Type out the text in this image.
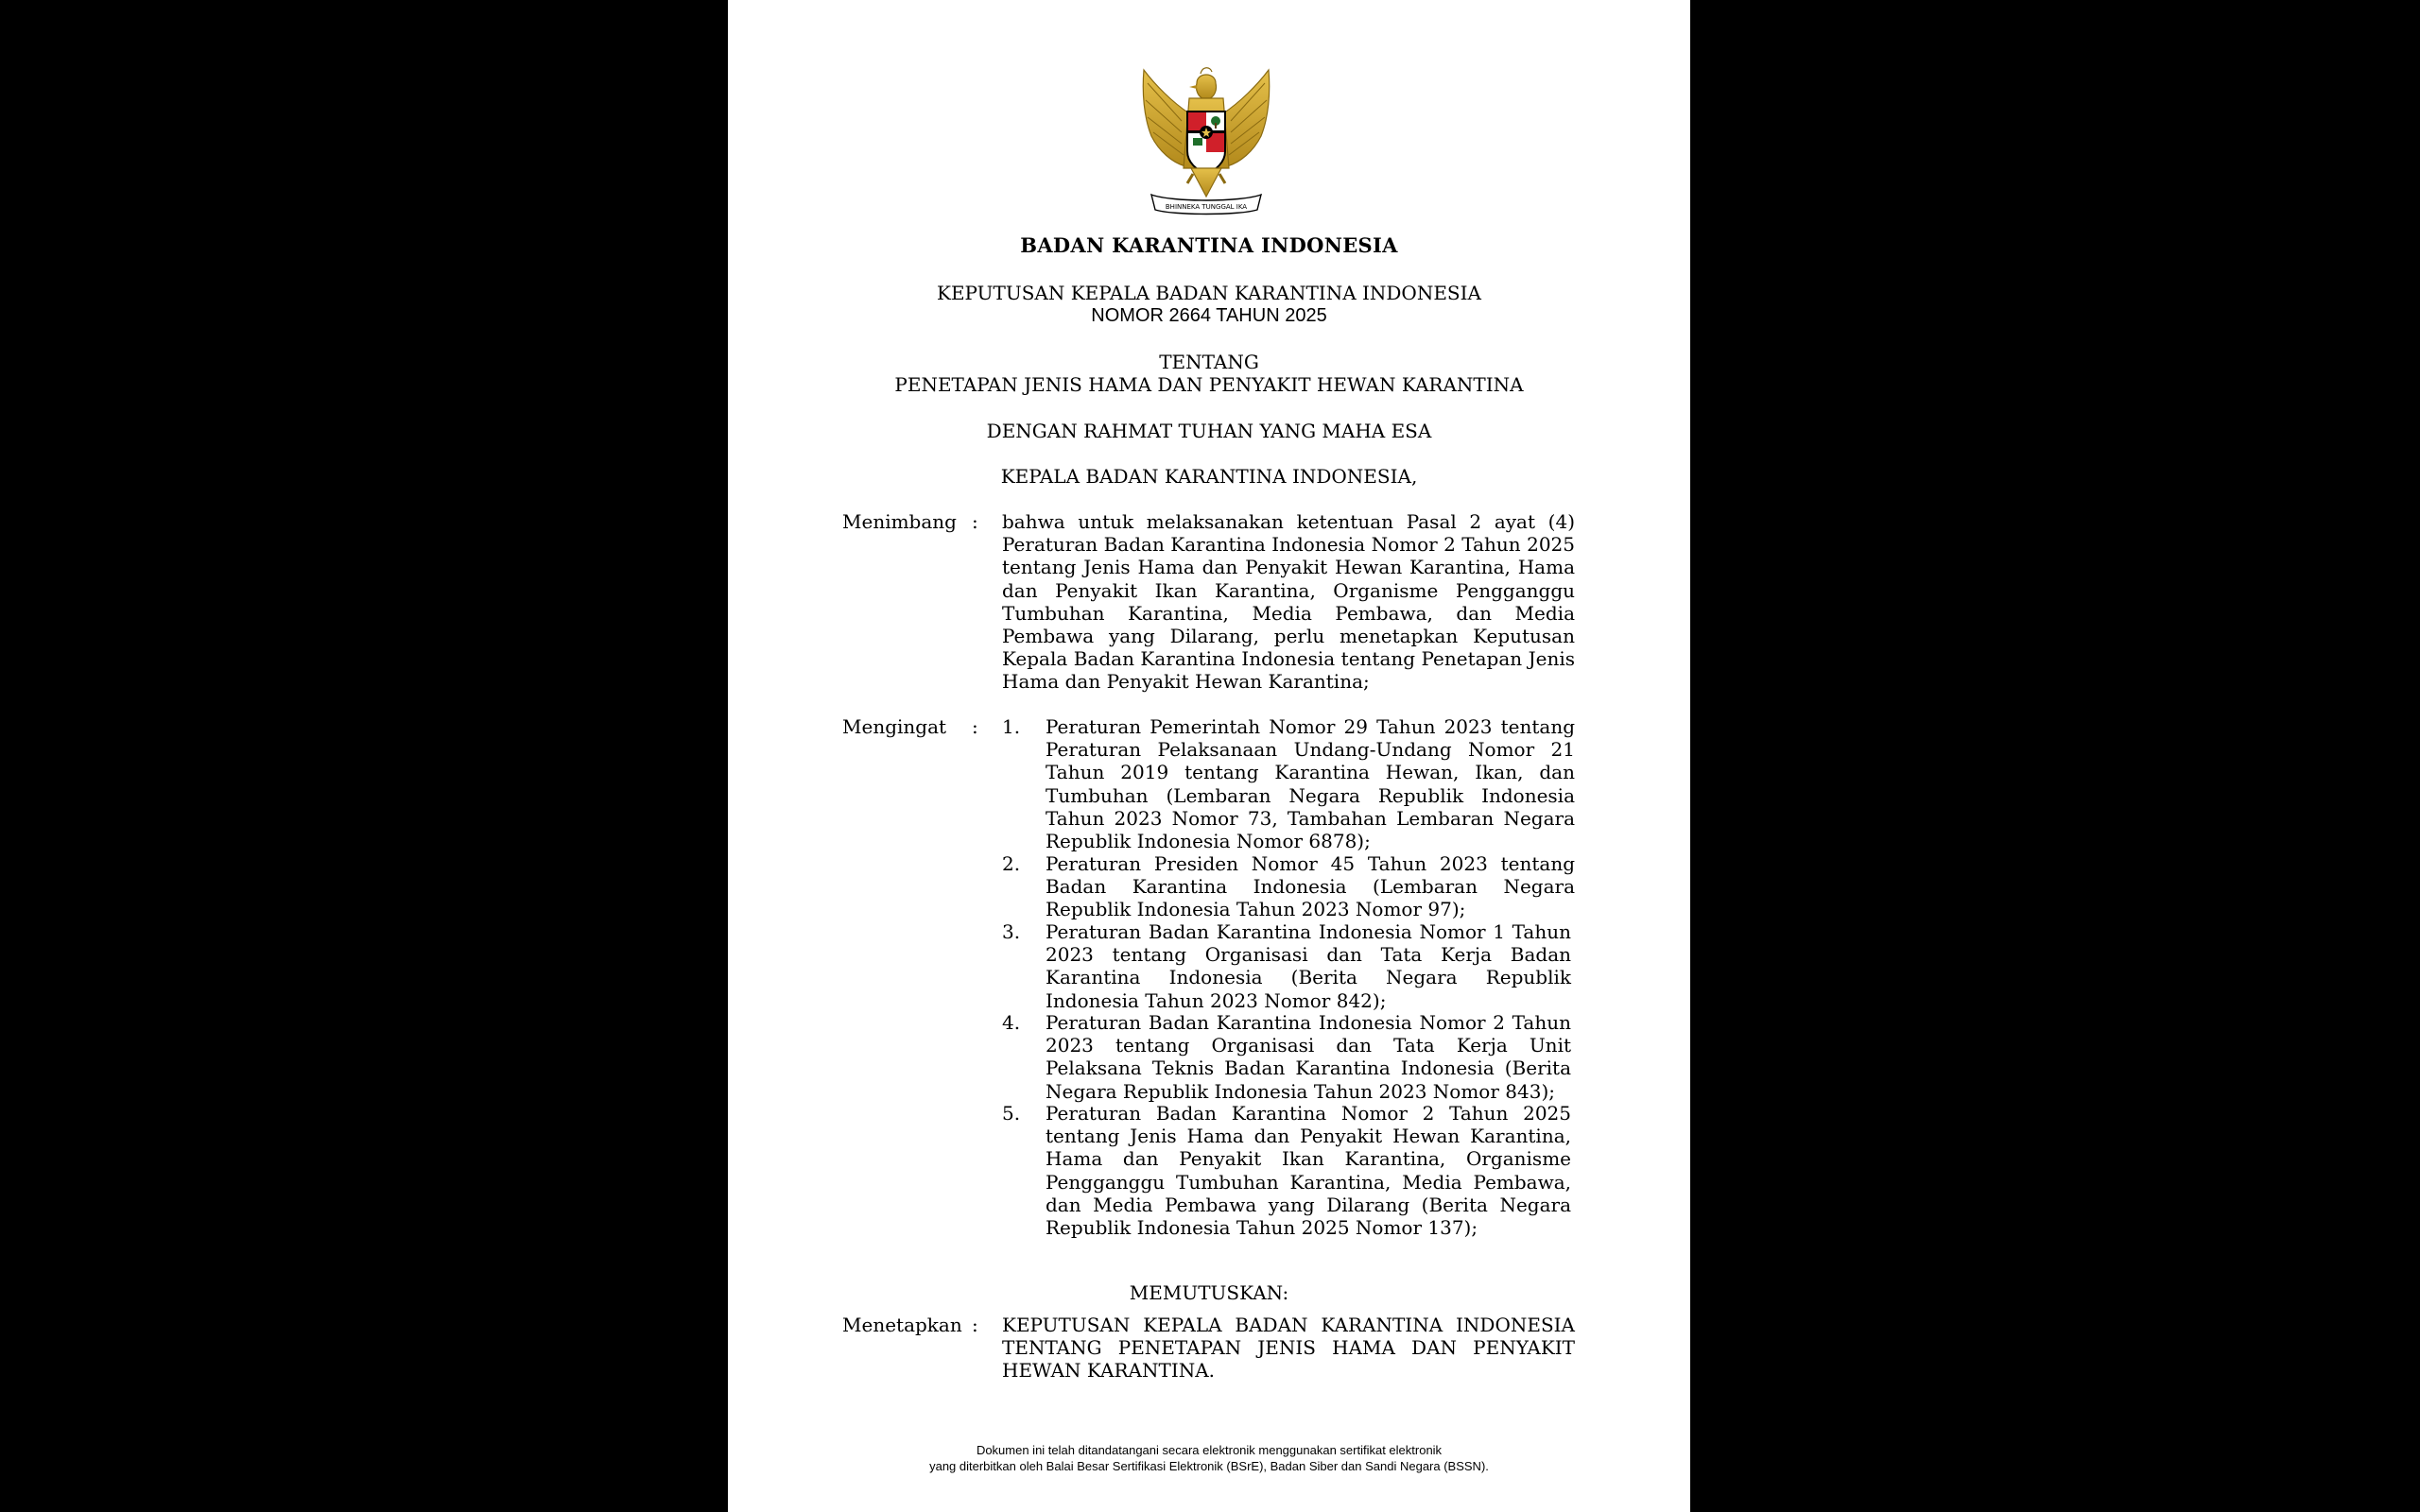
BHINNEKA TUNGGAL IKA
BADAN KARANTINA INDONESIA
KEPUTUSAN KEPALA BADAN KARANTINA INDONESIA
NOMOR 2664 TAHUN 2025
TENTANG
PENETAPAN JENIS HAMA DAN PENYAKIT HEWAN KARANTINA
DENGAN RAHMAT TUHAN YANG MAHA ESA
KEPALA BADAN KARANTINA INDONESIA,
Menimbang : bahwa untuk melaksanakan ketentuan Pasal 2 ayat (4) Peraturan Badan Karantina Indonesia Nomor 2 Tahun 2025 tentang Jenis Hama dan Penyakit Hewan Karantina, Hama dan Penyakit Ikan Karantina, Organisme Pengganggu Tumbuhan Karantina, Media Pembawa, dan Media Pembawa yang Dilarang, perlu menetapkan Keputusan Kepala Badan Karantina Indonesia tentang Penetapan Jenis Hama dan Penyakit Hewan Karantina;

Mengingat : 1. Peraturan Pemerintah Nomor 29 Tahun 2023 tentang Peraturan Pelaksanaan Undang-Undang Nomor 21 Tahun 2019 tentang Karantina Hewan, Ikan, dan Tumbuhan (Lembaran Negara Republik Indonesia Tahun 2023 Nomor 73, Tambahan Lembaran Negara Republik Indonesia Nomor 6878);

2. Peraturan Presiden Nomor 45 Tahun 2023 tentang Badan Karantina Indonesia (Lembaran Negara Republik Indonesia Tahun 2023 Nomor 97);

3. Peraturan Badan Karantina Indonesia Nomor 1 Tahun 2023 tentang Organisasi dan Tata Kerja Badan Karantina Indonesia (Berita Negara Republik Indonesia Tahun 2023 Nomor 842);

4. Peraturan Badan Karantina Indonesia Nomor 2 Tahun 2023 tentang Organisasi dan Tata Kerja Unit Pelaksana Teknis Badan Karantina Indonesia (Berita Negara Republik Indonesia Tahun 2023 Nomor 843);

5. Peraturan Badan Karantina Nomor 2 Tahun 2025 tentang Jenis Hama dan Penyakit Hewan Karantina, Hama dan Penyakit Ikan Karantina, Organisme Pengganggu Tumbuhan Karantina, Media Pembawa, dan Media Pembawa yang Dilarang (Berita Negara Republik Indonesia Tahun 2025 Nomor 137);

MEMUTUSKAN:
Menetapkan : KEPUTUSAN KEPALA BADAN KARANTINA INDONESIA TENTANG PENETAPAN JENIS HAMA DAN PENYAKIT HEWAN KARANTINA.

Dokumen ini telah ditandatangani secara elektronik menggunakan sertifikat elektronik
yang diterbitkan oleh Balai Besar Sertifikasi Elektronik (BSrE), Badan Siber dan Sandi Negara (BSSN).
